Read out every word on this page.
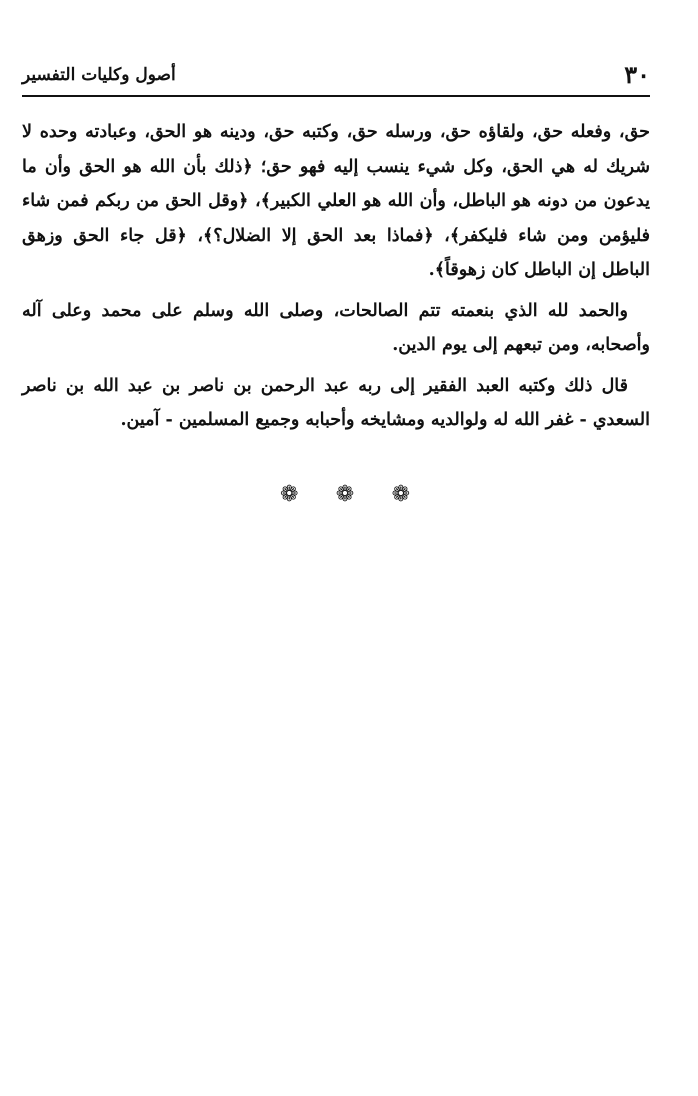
٣٠
أصول وكليات التفسير

حق، وفعله حق، ولقاؤه حق، ورسله حق، وكتبه حق، ودينه هو الحق، وعبادته وحده لا شريك له هي الحق، وكل شيء ينسب إليه فهو حق؛ ﴿ذلك بأن الله هو الحق وأن ما يدعون من دونه هو الباطل، وأن الله هو العلي الكبير﴾، ﴿وقل الحق من ربكم فمن شاء فليؤمن ومن شاء فليكفر﴾، ﴿فماذا بعد الحق إلا الضلال؟﴾، ﴿قل جاء الحق وزهق الباطل إن الباطل كان زهوقاً﴾.

والحمد لله الذي بنعمته تتم الصالحات، وصلى الله وسلم على محمد وعلى آله وأصحابه، ومن تبعهم إلى يوم الدين.

قال ذلك وكتبه العبد الفقير إلى ربه عبد الرحمن بن ناصر بن عبد الله بن ناصر السعدي - غفر الله له ولوالديه ومشايخه وأحبابه وجميع المسلمين - آمين.

❁ ❁ ❁
